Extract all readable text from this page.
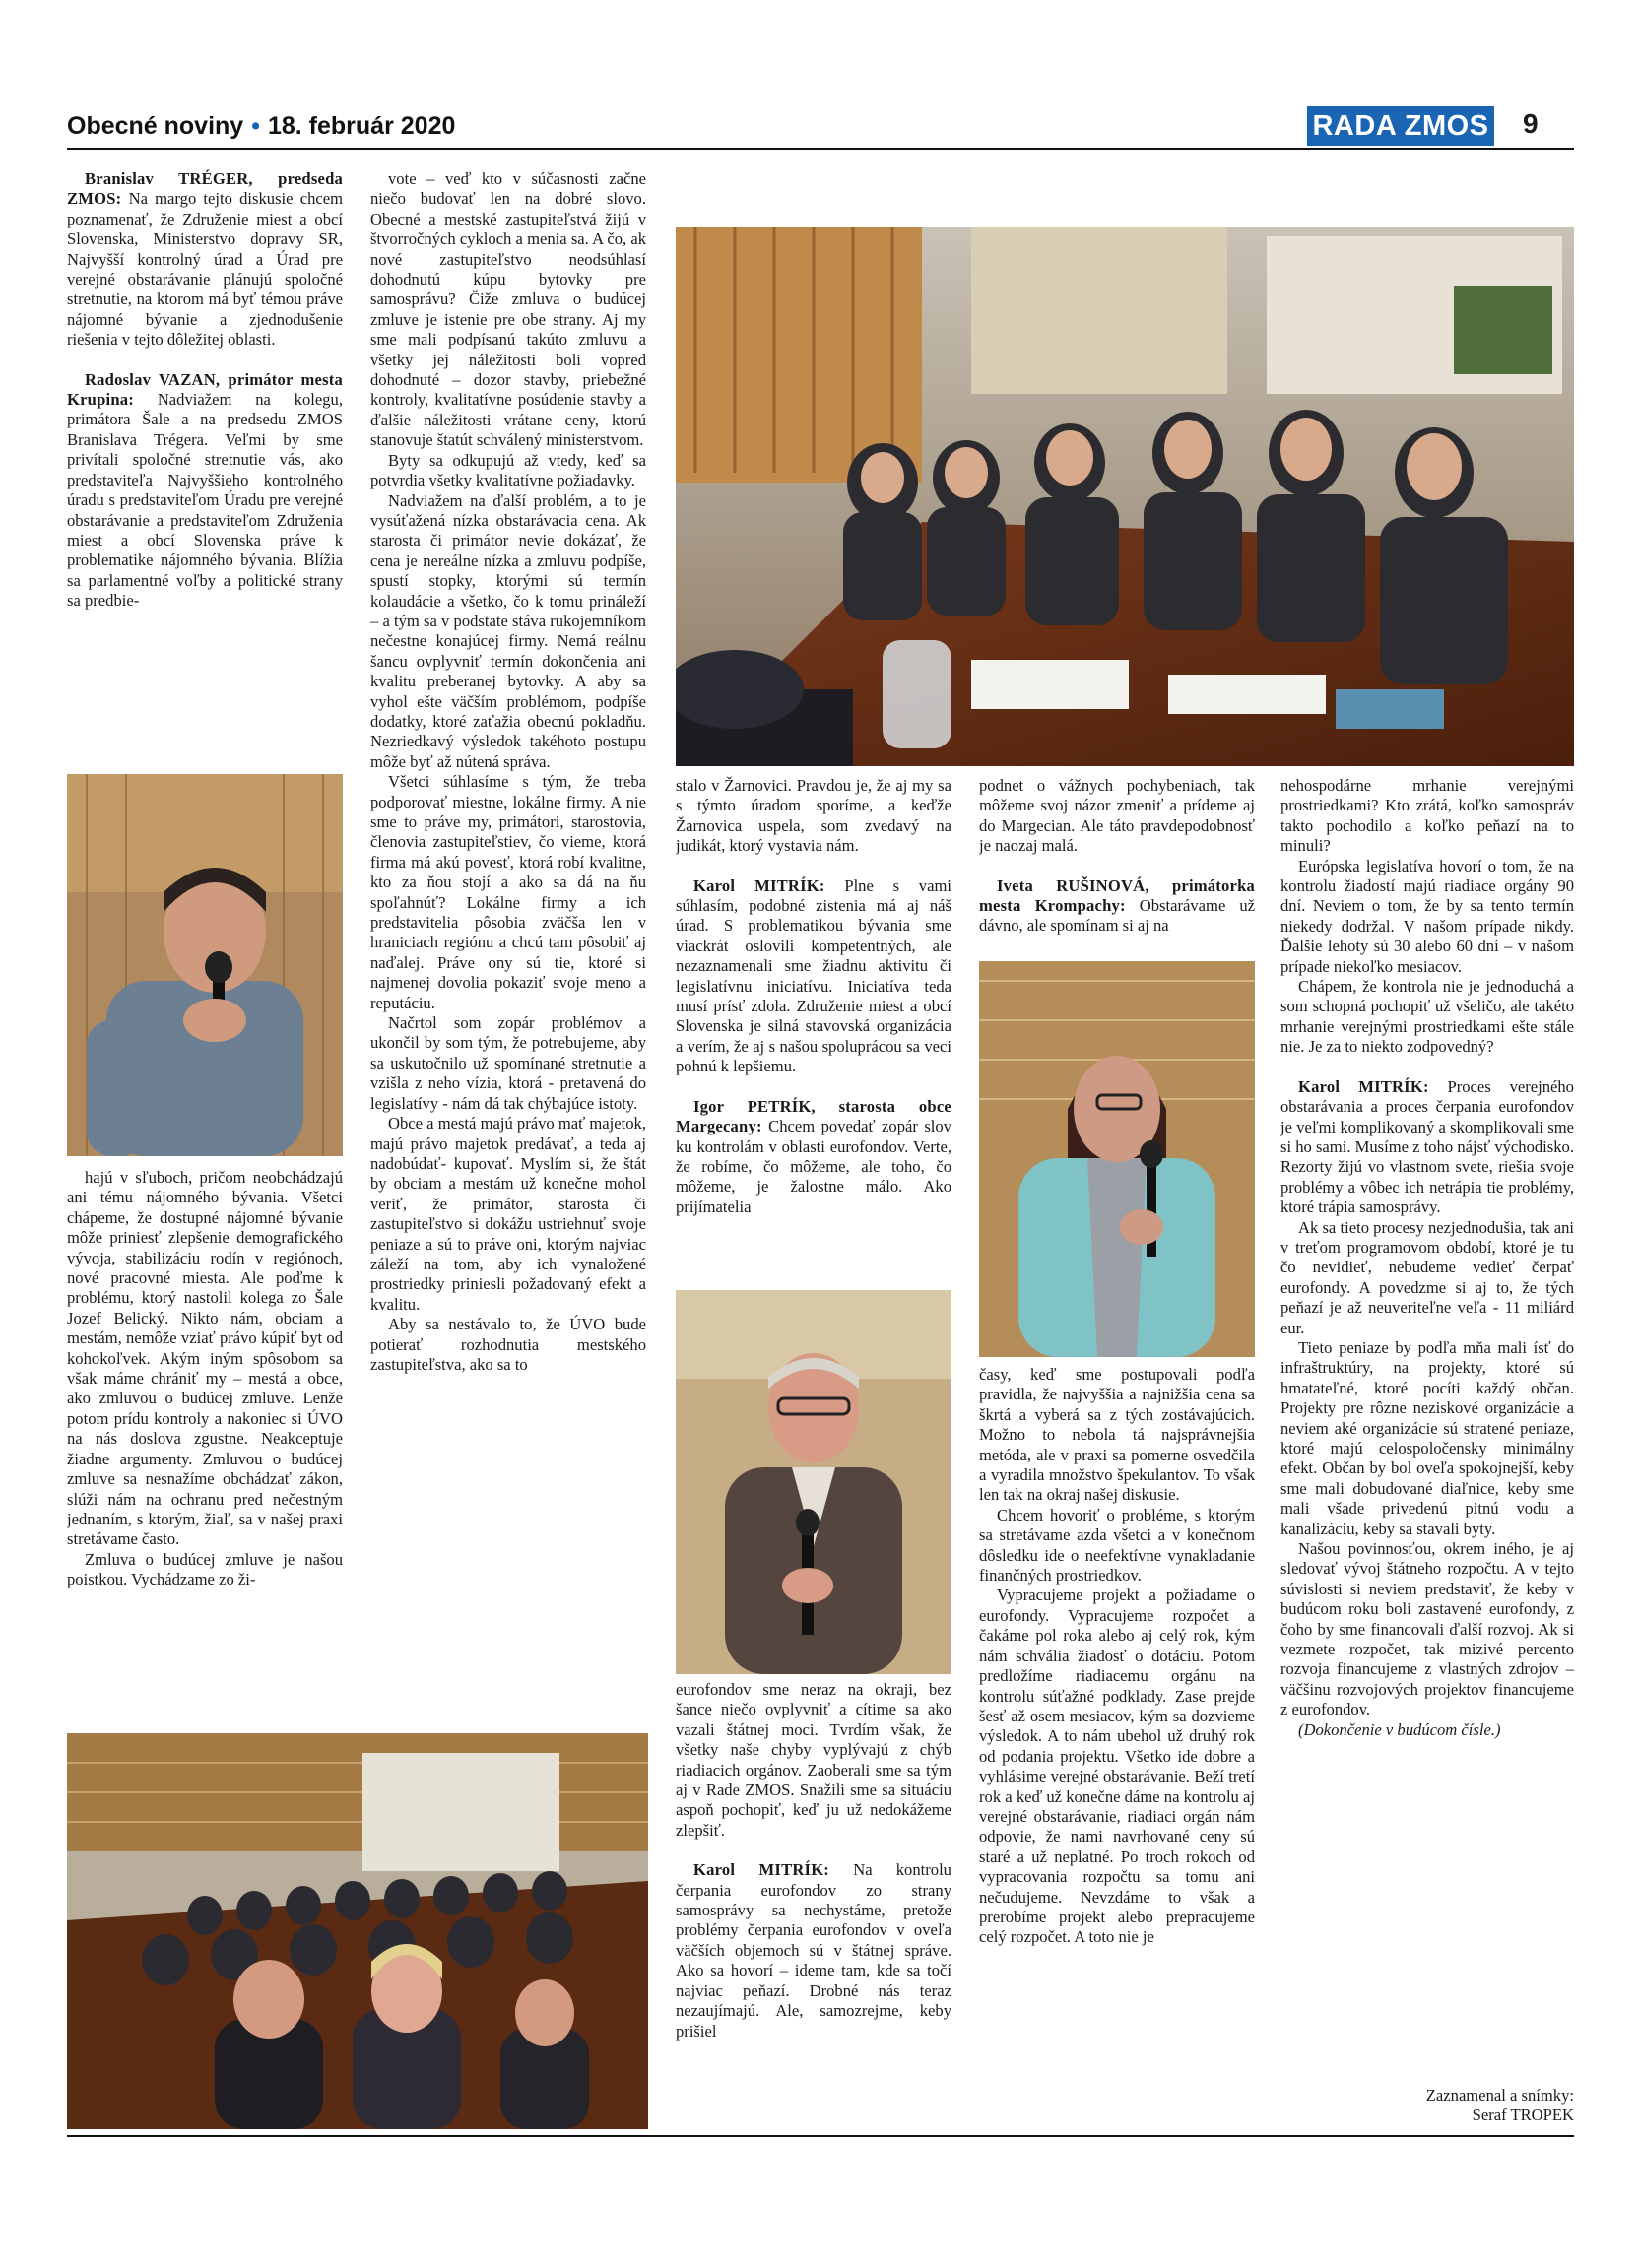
Obecné noviny • 18. február 2020	RADA ZMOS 9

Branislav TRÉGER, predseda ZMOS: Na margo tejto diskusie chcem poznamenať, že Združenie miest a obcí Slovenska, Ministerstvo dopravy SR, Najvyšší kontrolný úrad a Úrad pre verejné obstarávanie plánujú spoločné stretnutie, na ktorom má byť témou práve nájomné bývanie a zjednodušenie riešenia v tejto dôležitej oblasti.

Radoslav VAZAN, primátor mesta Krupina: Nadviažem na kolegu, primátora Šale a na predsedu ZMOS Branislava Trégera. Veľmi by sme privítali spoločné stretnutie vás, ako predstaviteľa Najvyššieho kontrolného úradu s predstaviteľom Úradu pre verejné obstarávanie a predstaviteľom Združenia miest a obcí Slovenska práve k problematike nájomného bývania. Blížia sa parlamentné voľby a politické strany sa predbie-

hajú v sľuboch, pričom neobchádzajú ani tému nájomného bývania. Všetci chápeme, že dostupné nájomné bývanie môže priniesť zlepšenie demografického vývoja, stabilizáciu rodín v regiónoch, nové pracovné miesta. Ale poďme k problému, ktorý nastolil kolega zo Šale Jozef Belický. Nikto nám, obciam a mestám, nemôže vziať právo kúpiť byt od kohokoľvek. Akým iným spôsobom sa však máme chrániť my – mestá a obce, ako zmluvou o budúcej zmluve. Lenže potom prídu kontroly a nakoniec si ÚVO na nás doslova zgustne. Neakceptuje žiadne argumenty. Zmluvou o budúcej zmluve sa nesnažíme obchádzať zákon, slúži nám na ochranu pred nečestným jednaním, s ktorým, žiaľ, sa v našej praxi stretávame často.

Zmluva o budúcej zmluve je našou poistkou. Vychádzame zo ži-

vote – veď kto v súčasnosti začne niečo budovať len na dobré slovo. Obecné a mestské zastupiteľstvá žijú v štvorročných cykloch a menia sa. A čo, ak nové zastupiteľstvo neodsúhlasí dohodnutú kúpu bytovky pre samosprávu? Čiže zmluva o budúcej zmluve je istenie pre obe strany. Aj my sme mali podpísanú takúto zmluvu a všetky jej náležitosti boli vopred dohodnuté – dozor stavby, priebežné kontroly, kvalitatívne posúdenie stavby a ďalšie náležitosti vrátane ceny, ktorú stanovuje štatút schválený ministerstvom.

Byty sa odkupujú až vtedy, keď sa potvrdia všetky kvalitatívne požiadavky.

Nadviažem na ďalší problém, a to je vysúťažená nízka obstarávacia cena. Ak starosta či primátor nevie dokázať, že cena je nereálne nízka a zmluvu podpíše, spustí stopky, ktorými sú termín kolaudácie a všetko, čo k tomu prináleží – a tým sa v podstate stáva rukojemníkom nečestne konajúcej firmy. Nemá reálnu šancu ovplyvniť termín dokončenia ani kvalitu preberanej bytovky. A aby sa vyhol ešte väčším problémom, podpíše dodatky, ktoré zaťažia obecnú pokladňu. Nezriedkavý výsledok takéhoto postupu môže byť až nútená správa.

Všetci súhlasíme s tým, že treba podporovať miestne, lokálne firmy. A nie sme to práve my, primátori, starostovia, členovia zastupiteľstiev, čo vieme, ktorá firma má akú povesť, ktorá robí kvalitne, kto za ňou stojí a ako sa dá na ňu spoľahnúť? Lokálne firmy a ich predstavitelia pôsobia zväčša len v hraniciach regiónu a chcú tam pôsobiť aj naďalej. Práve ony sú tie, ktoré si najmenej dovolia pokaziť svoje meno a reputáciu.

Načrtol som zopár problémov a ukončil by som tým, že potrebujeme, aby sa uskutočnilo už spomínané stretnutie a vzišla z neho vízia, ktorá - pretavená do legislatívy - nám dá tak chýbajúce istoty.

Obce a mestá majú právo mať majetok, majú právo majetok predávať, a teda aj nadobúdať- kupovať. Myslím si, že štát by obciam a mestám už konečne mohol veriť, že primátor, starosta či zastupiteľstvo si dokážu ustriehnuť svoje peniaze a sú to práve oni, ktorým najviac záleží na tom, aby ich vynaložené prostriedky priniesli požadovaný efekt a kvalitu.

Aby sa nestávalo to, že ÚVO bude potierať rozhodnutia mestského zastupiteľstva, ako sa to

stalo v Žarnovici. Pravdou je, že aj my sa s týmto úradom sporíme, a keďže Žarnovica uspela, som zvedavý na judikát, ktorý vystavia nám.

Karol MITRÍK: Plne s vami súhlasím, podobné zistenia má aj náš úrad. S problematikou bývania sme viackrát oslovili kompetentných, ale nezaznamenali sme žiadnu aktivitu či legislatívnu iniciatívu. Iniciatíva teda musí prísť zdola. Združenie miest a obcí Slovenska je silná stavovská organizácia a verím, že aj s našou spoluprácou sa veci pohnú k lepšiemu.

Igor PETRÍK, starosta obce Margecany: Chcem povedať zopár slov ku kontrolám v oblasti eurofondov. Verte, že robíme, čo môžeme, ale toho, čo môžeme, je žalostne málo. Ako prijímatelia

eurofondov sme neraz na okraji, bez šance niečo ovplyvniť a cítime sa ako vazali štátnej moci. Tvrdím však, že všetky naše chyby vyplývajú z chýb riadiacich orgánov. Zaoberali sme sa tým aj v Rade ZMOS. Snažili sme sa situáciu aspoň pochopiť, keď ju už nedokážeme zlepšiť.

Karol MITRÍK: Na kontrolu čerpania eurofondov zo strany samosprávy sa nechystáme, pretože problémy čerpania eurofondov v oveľa väčších objemoch sú v štátnej správe. Ako sa hovorí – ideme tam, kde sa točí najviac peňazí. Drobné nás teraz nezaujímajú. Ale, samozrejme, keby prišiel

podnet o vážnych pochybeniach, tak môžeme svoj názor zmeniť a prídeme aj do Margecian. Ale táto pravdepodobnosť je naozaj malá.

Iveta RUŠINOVÁ, primátorka mesta Krompachy: Obstarávame už dávno, ale spomínam si aj na

časy, keď sme postupovali podľa pravidla, že najvyššia a najnižšia cena sa škrtá a vyberá sa z tých zostávajúcich. Možno to nebola tá najsprávnejšia metóda, ale v praxi sa pomerne osvedčila a vyradila množstvo špekulantov. To však len tak na okraj našej diskusie.

Chcem hovoriť o probléme, s ktorým sa stretávame azda všetci a v konečnom dôsledku ide o neefektívne vynakladanie finančných prostriedkov.

Vypracujeme projekt a požiadame o eurofondy. Vypracujeme rozpočet a čakáme pol roka alebo aj celý rok, kým nám schvália žiadosť o dotáciu. Potom predložíme riadiacemu orgánu na kontrolu súťažné podklady. Zase prejde šesť až osem mesiacov, kým sa dozvieme výsledok. A to nám ubehol už druhý rok od podania projektu. Všetko ide dobre a vyhlásime verejné obstarávanie. Beží tretí rok a keď už konečne dáme na kontrolu aj verejné obstarávanie, riadiaci orgán nám odpovie, že nami navrhované ceny sú staré a už neplatné. Po troch rokoch od vypracovania rozpočtu sa tomu ani nečudujeme. Nevzdáme to však a prerobíme projekt alebo prepracujeme celý rozpočet. A toto nie je

nehospodárne mrhanie verejnými prostriedkami? Kto zrátá, koľko samospráv takto pochodilo a koľko peňazí na to minuli?

Európska legislatíva hovorí o tom, že na kontrolu žiadostí majú riadiace orgány 90 dní. Neviem o tom, že by sa tento termín niekedy dodržal. V našom prípade nikdy. Ďalšie lehoty sú 30 alebo 60 dní – v našom prípade niekoľko mesiacov.

Chápem, že kontrola nie je jednoduchá a som schopná pochopiť už všeličo, ale takéto mrhanie verejnými prostriedkami ešte stále nie. Je za to niekto zodpovedný?

Karol MITRÍK: Proces verejného obstarávania a proces čerpania eurofondov je veľmi komplikovaný a skomplikovali sme si ho sami. Musíme z toho nájsť východisko. Rezorty žijú vo vlastnom svete, riešia svoje problémy a vôbec ich netrápia tie problémy, ktoré trápia samosprávy.

Ak sa tieto procesy nezjednodušia, tak ani v treťom programovom období, ktoré je tu čo nevidieť, nebudeme vedieť čerpať eurofondy. A povedzme si aj to, že tých peňazí je až neuveriteľne veľa - 11 miliárd eur.

Tieto peniaze by podľa mňa mali ísť do infraštruktúry, na projekty, ktoré sú hmatateľné, ktoré pocíti každý občan. Projekty pre rôzne neziskové organizácie a neviem aké organizácie sú stratené peniaze, ktoré majú celospoločensky minimálny efekt. Občan by bol oveľa spokojnejší, keby sme mali dobudované diaľnice, keby sme mali všade privedenú pitnú vodu a kanalizáciu, keby sa stavali byty.

Našou povinnosťou, okrem iného, je aj sledovať vývoj štátneho rozpočtu. A v tejto súvislosti si neviem predstaviť, že keby v budúcom roku boli zastavené eurofondy, z čoho by sme financovali ďalší rozvoj. Ak si vezmete rozpočet, tak mizivé percento rozvoja financujeme z vlastných zdrojov – väčšinu rozvojových projektov financujeme z eurofondov.

(Dokončenie v budúcom čísle.)

Zaznamenal a snímky:

Seraf TROPEK
